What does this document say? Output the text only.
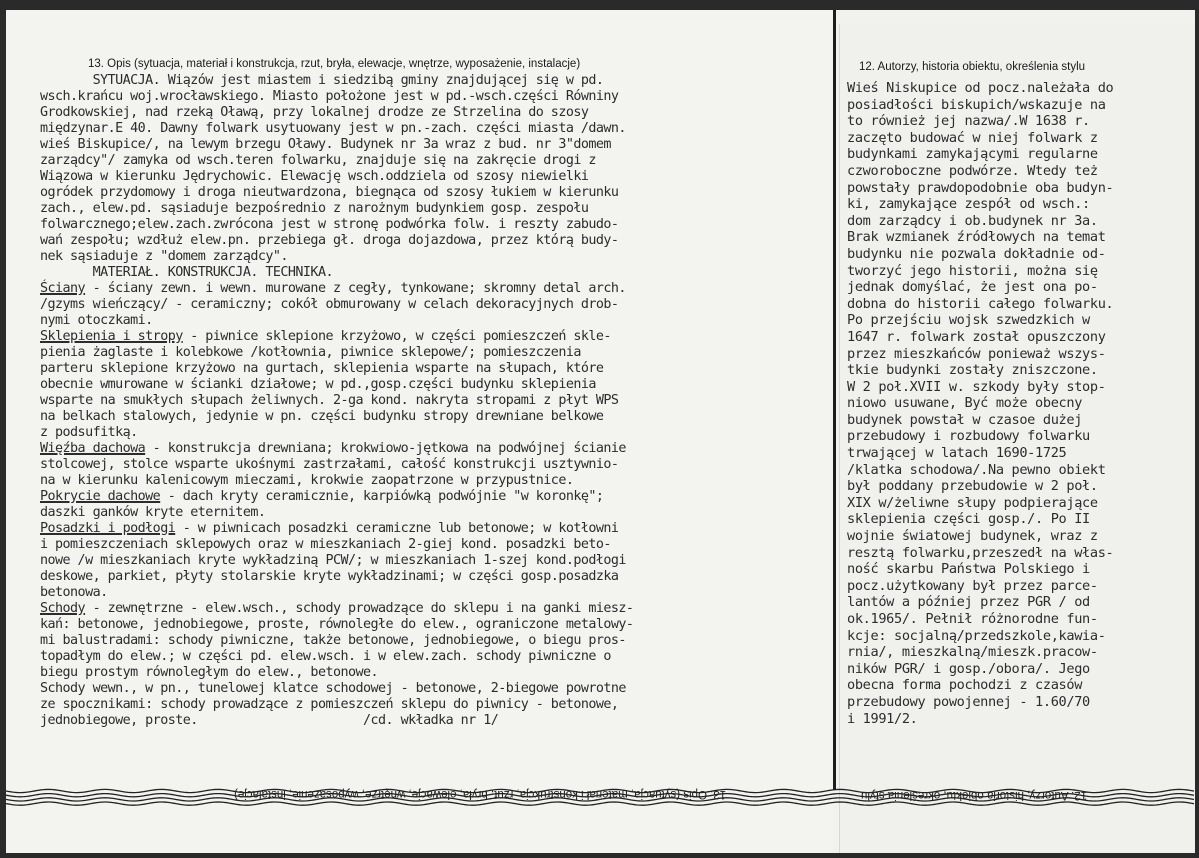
13. Opis (sytuacja, materiał i konstrukcja, rzut, bryła, elewacje, wnętrze, wyposażenie, instalacje)	12. Autorzy, historia obiektu, określenia stylu
SYTUACJA. Wiązów jest miastem i siedzibą gminy znajdującej się w pd.
wsch.krańcu woj.wrocławskiego. Miasto położone jest w pd.-wsch.części Równiny
Grodkowskiej, nad rzeką Oławą, przy lokalnej drodze ze Strzelina do szosy
międzynar.E 40. Dawny folwark usytuowany jest w pn.-zach. części miasta /dawn.
wieś Biskupice/, na lewym brzegu Oławy. Budynek nr 3a wraz z bud. nr 3"domem
zarządcy"/ zamyka od wsch.teren folwarku, znajduje się na zakręcie drogi z
Wiązowa w kierunku Jędrychowic. Elewację wsch.oddziela od szosy niewielki
ogródek przydomowy i droga nieutwardzona, biegnąca od szosy łukiem w kierunku
zach., elew.pd. sąsiaduje bezpośrednio z narożnym budynkiem gosp. zespołu
folwarcznego;elew.zach.zwrócona jest w stronę podwórka folw. i reszty zabudo-
wań zespołu; wzdłuż elew.pn. przebiega gł. droga dojazdowa, przez którą budy-
nek sąsiaduje z "domem zarządcy".
MATERIAŁ. KONSTRUKCJA. TECHNIKA.
Ściany - ściany zewn. i wewn. murowane z cegły, tynkowane; skromny detal arch.
/gzyms wieńczący/ - ceramiczny; cokół obmurowany w celach dekoracyjnych drob-
nymi otoczkami.
Sklepienia i stropy - piwnice sklepione krzyżowo, w części pomieszczeń skle-
pienia żaglaste i kolebkowe /kotłownia, piwnice sklepowe/; pomieszczenia
parteru sklepione krzyżowo na gurtach, sklepienia wsparte na słupach, które
obecnie wmurowane w ścianki działowe; w pd.,gosp.części budynku sklepienia
wsparte na smukłych słupach żeliwnych. 2-ga kond. nakryta stropami z płyt WPS
na belkach stalowych, jedynie w pn. części budynku stropy drewniane belkowe
z podsufitką.
Więźba dachowa - konstrukcja drewniana; krokwiowo-jętkowa na podwójnej ścianie
stolcowej, stolce wsparte ukośnymi zastrzałami, całość konstrukcji usztywnio-
na w kierunku kalenicowym mieczami, krokwie zaopatrzone w przypustnice.
Pokrycie dachowe - dach kryty ceramicznie, karpiówką podwójnie "w koronkę";
daszki ganków kryte eternitem.
Posadzki i podłogi - w piwnicach posadzki ceramiczne lub betonowe; w kotłowni
i pomieszczeniach sklepowych oraz w mieszkaniach 2-giej kond. posadzki beto-
nowe /w mieszkaniach kryte wykładziną PCW/; w mieszkaniach 1-szej kond.podłogi
deskowe, parkiet, płyty stolarskie kryte wykładzinami; w części gosp.posadzka
betonowa.
Schody - zewnętrzne - elew.wsch., schody prowadzące do sklepu i na ganki miesz-
kań: betonowe, jednobiegowe, proste, równoległe do elew., ograniczone metalowy-
mi balustradami: schody piwniczne, także betonowe, jednobiegowe, o biegu pros-
topadłym do elew.; w części pd. elew.wsch. i w elew.zach. schody piwniczne o
biegu prostym równoległym do elew., betonowe.
Schody wewn., w pn., tunelowej klatce schodowej - betonowe, 2-biegowe powrotne
ze spocznikami: schody prowadzące z pomieszczeń sklepu do piwnicy - betonowe,
jednobiegowe, proste.                      /cd. wkładka nr 1/
Wieś Niskupice od pocz.należała do
posiadłości biskupich/wskazuje na
to również jej nazwa/.W 1638 r.
zaczęto budować w niej folwark z
budynkami zamykającymi regularne
czworoboczne podwórze. Wtedy też
powstały prawdopodobnie oba budyn-
ki, zamykające zespół od wsch.:
dom zarządcy i ob.budynek nr 3a.
Brak wzmianek źródłowych na temat
budynku nie pozwala dokładnie od-
tworzyć jego historii, można się
jednak domyślać, że jest ona po-
dobna do historii całego folwarku.
Po przejściu wojsk szwedzkich w
1647 r. folwark został opuszczony
przez mieszkańców ponieważ wszys-
tkie budynki zostały zniszczone.
W 2 poł.XVII w. szkody były stop-
niowo usuwane, Być może obecny
budynek powstał w czasoe dużej
przebudowy i rozbudowy folwarku
trwającej w latach 1690-1725
/klatka schodowa/.Na pewno obiekt
był poddany przebudowie w 2 poł.
XIX w/żeliwne słupy podpierające
sklepienia części gosp./. Po II
wojnie światowej budynek, wraz z
resztą folwarku,przeszedł na włas-
ność skarbu Państwa Polskiego i
pocz.użytkowany był przez parce-
lantów a później przez PGR / od
ok.1965/. Pełnił różnorodne fun-
kcje: socjalną/przedszkole,kawia-
rnia/, mieszkalną/mieszk.pracow-
ników PGR/ i gosp./obora/. Jego
obecna forma pochodzi z czasów
przebudowy powojennej - 1.60/70
i 1991/2.
13. Opis (sytuacja, materiał i konstrukcja, rzut, bryła, elewacje, wnętrze, wyposażenie, instalacje)	12. Autorzy, historia obiektu, określenia stylu
